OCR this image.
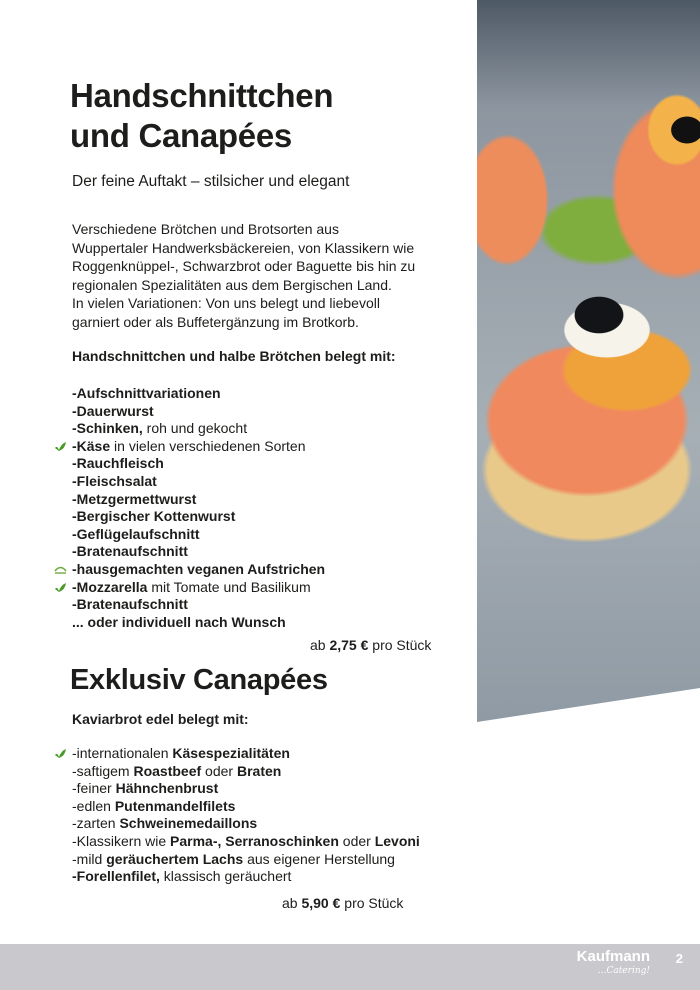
Handschnittchen
und Canapées
Der feine Auftakt – stilsicher und elegant
Verschiedene Brötchen und Brotsorten aus
Wuppertaler Handwerksbäckereien, von Klassikern wie
Roggenknüppel-, Schwarzbrot oder Baguette bis hin zu
regionalen Spezialitäten aus dem Bergischen Land.
In vielen Variationen: Von uns belegt und liebevoll
garniert oder als Buffetergänzung im Brotkorb.
Handschnittchen und halbe Brötchen belegt mit:
-Aufschnittvariationen
-Dauerwurst
-Schinken, roh und gekocht
-Käse in vielen verschiedenen Sorten
-Rauchfleisch
-Fleischsalat
-Metzgermettwurst
-Bergischer Kottenwurst
-Geflügelaufschnitt
-Bratenaufschnitt
-hausgemachten veganen Aufstrichen
-Mozzarella mit Tomate und Basilikum
-Bratenaufschnitt
... oder individuell nach Wunsch
ab 2,75 € pro Stück
Exklusiv Canapées
Kaviarbrot edel belegt mit:
-internationalen Käsespezialitäten
-saftigem Roastbeef oder Braten
-feiner Hähnchenbrust
-edlen Putenmandelfilets
-zarten Schweinemedaillons
-Klassikern wie Parma-, Serranoschinken oder Levoni
-mild geräuchertem Lachs aus eigener Herstellung
-Forellenfilet, klassisch geräuchert
ab 5,90 € pro Stück
Kaufmann
...Catering!
2
